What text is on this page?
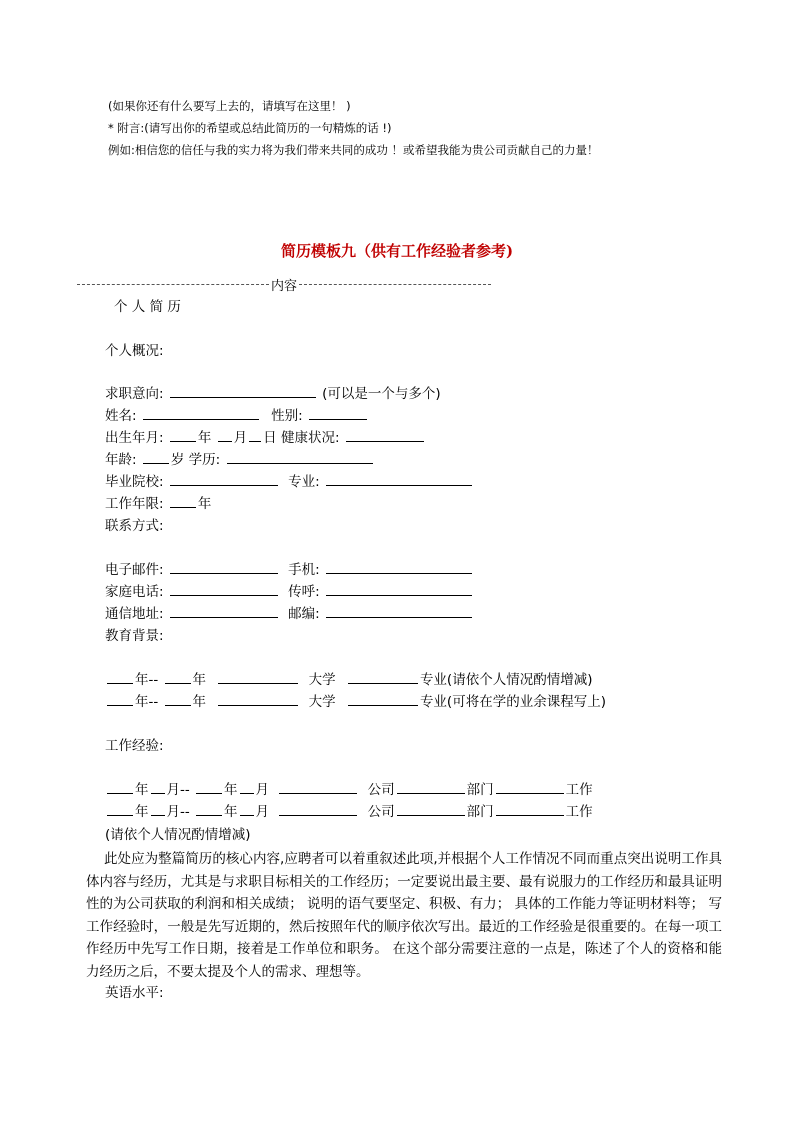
(如果你还有什么要写上去的，请填写在这里！ )
* 附言:(请写出你的希望或总结此简历的一句精炼的话 !)
例如:相信您的信任与我的实力将为我们带来共同的成功 ！或希望我能为贵公司贡献自己的力量！
简历模板九（供有工作经验者参考)
内容
个 人 简 历
个人概况:
求职意向:	(可以是一个与多个)
姓名:	性别:
出生年月:	年 月 日 健康状况:
年龄:	岁 学历:
毕业院校:	专业:
工作年限:	年
联系方式:
电子邮件:	手机:
家庭电话:	传呼:
通信地址:	邮编:
教育背景:
年--	年	大学	专业(请依个人情况酌情增减)
年--	年	大学	专业(可将在学的业余课程写上)
工作经验:
年 月--	年 月	公司	部门	工作
年 月--	年 月	公司	部门	工作
(请依个人情况酌情增减)
此处应为整篇简历的核心内容,应聘者可以着重叙述此项,并根据个人工作情况不同而重点突出说明工作具体内容与经历，尤其是与求职目标相关的工作经历；一定要说出最主要、最有说服力的工作经历和最具证明性的为公司获取的利润和相关成绩； 说明的语气要坚定、积极、有力； 具体的工作能力等证明材料等； 写工作经验时，一般是先写近期的，然后按照年代的顺序依次写出。最近的工作经验是很重要的。在每一项工作经历中先写工作日期，接着是工作单位和职务。 在这个部分需要注意的一点是，陈述了个人的资格和能力经历之后，不要太提及个人的需求、理想等。
英语水平:
